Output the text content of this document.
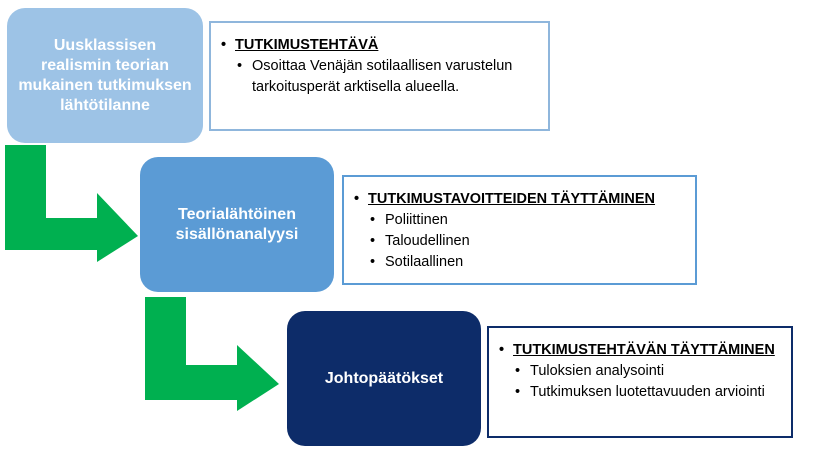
Uusklassisen realismin teorian mukainen tutkimuksen lähtötilanne
Teorialähtöinen sisällönanalyysi
Johtopäätökset
• TUTKIMUSTEHTÄVÄ
• Osoittaa Venäjän sotilaallisen varustelun tarkoitusperät arktisella alueella.
• TUTKIMUSTAVOITTEIDEN TÄYTTÄMINEN
• Poliittinen
• Taloudellinen
• Sotilaallinen
• TUTKIMUSTEHTÄVÄN TÄYTTÄMINEN
• Tuloksien analysointi
• Tutkimuksen luotettavuuden arviointi
